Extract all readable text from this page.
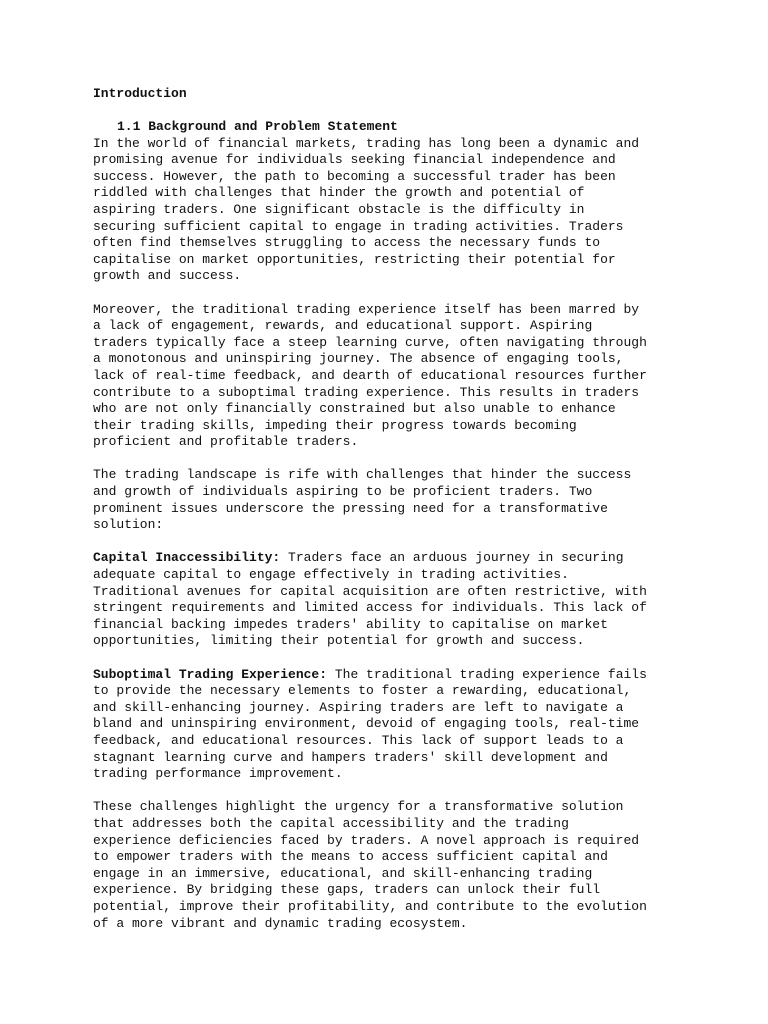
Introduction
1.1 Background and Problem Statement
In the world of financial markets, trading has long been a dynamic and
promising avenue for individuals seeking financial independence and
success. However, the path to becoming a successful trader has been
riddled with challenges that hinder the growth and potential of
aspiring traders. One significant obstacle is the difficulty in
securing sufficient capital to engage in trading activities. Traders
often find themselves struggling to access the necessary funds to
capitalise on market opportunities, restricting their potential for
growth and success.
Moreover, the traditional trading experience itself has been marred by
a lack of engagement, rewards, and educational support. Aspiring
traders typically face a steep learning curve, often navigating through
a monotonous and uninspiring journey. The absence of engaging tools,
lack of real-time feedback, and dearth of educational resources further
contribute to a suboptimal trading experience. This results in traders
who are not only financially constrained but also unable to enhance
their trading skills, impeding their progress towards becoming
proficient and profitable traders.
The trading landscape is rife with challenges that hinder the success
and growth of individuals aspiring to be proficient traders. Two
prominent issues underscore the pressing need for a transformative
solution:
Capital Inaccessibility: Traders face an arduous journey in securing
adequate capital to engage effectively in trading activities.
Traditional avenues for capital acquisition are often restrictive, with
stringent requirements and limited access for individuals. This lack of
financial backing impedes traders' ability to capitalise on market
opportunities, limiting their potential for growth and success.
Suboptimal Trading Experience: The traditional trading experience fails
to provide the necessary elements to foster a rewarding, educational,
and skill-enhancing journey. Aspiring traders are left to navigate a
bland and uninspiring environment, devoid of engaging tools, real-time
feedback, and educational resources. This lack of support leads to a
stagnant learning curve and hampers traders' skill development and
trading performance improvement.
These challenges highlight the urgency for a transformative solution
that addresses both the capital accessibility and the trading
experience deficiencies faced by traders. A novel approach is required
to empower traders with the means to access sufficient capital and
engage in an immersive, educational, and skill-enhancing trading
experience. By bridging these gaps, traders can unlock their full
potential, improve their profitability, and contribute to the evolution
of a more vibrant and dynamic trading ecosystem.
